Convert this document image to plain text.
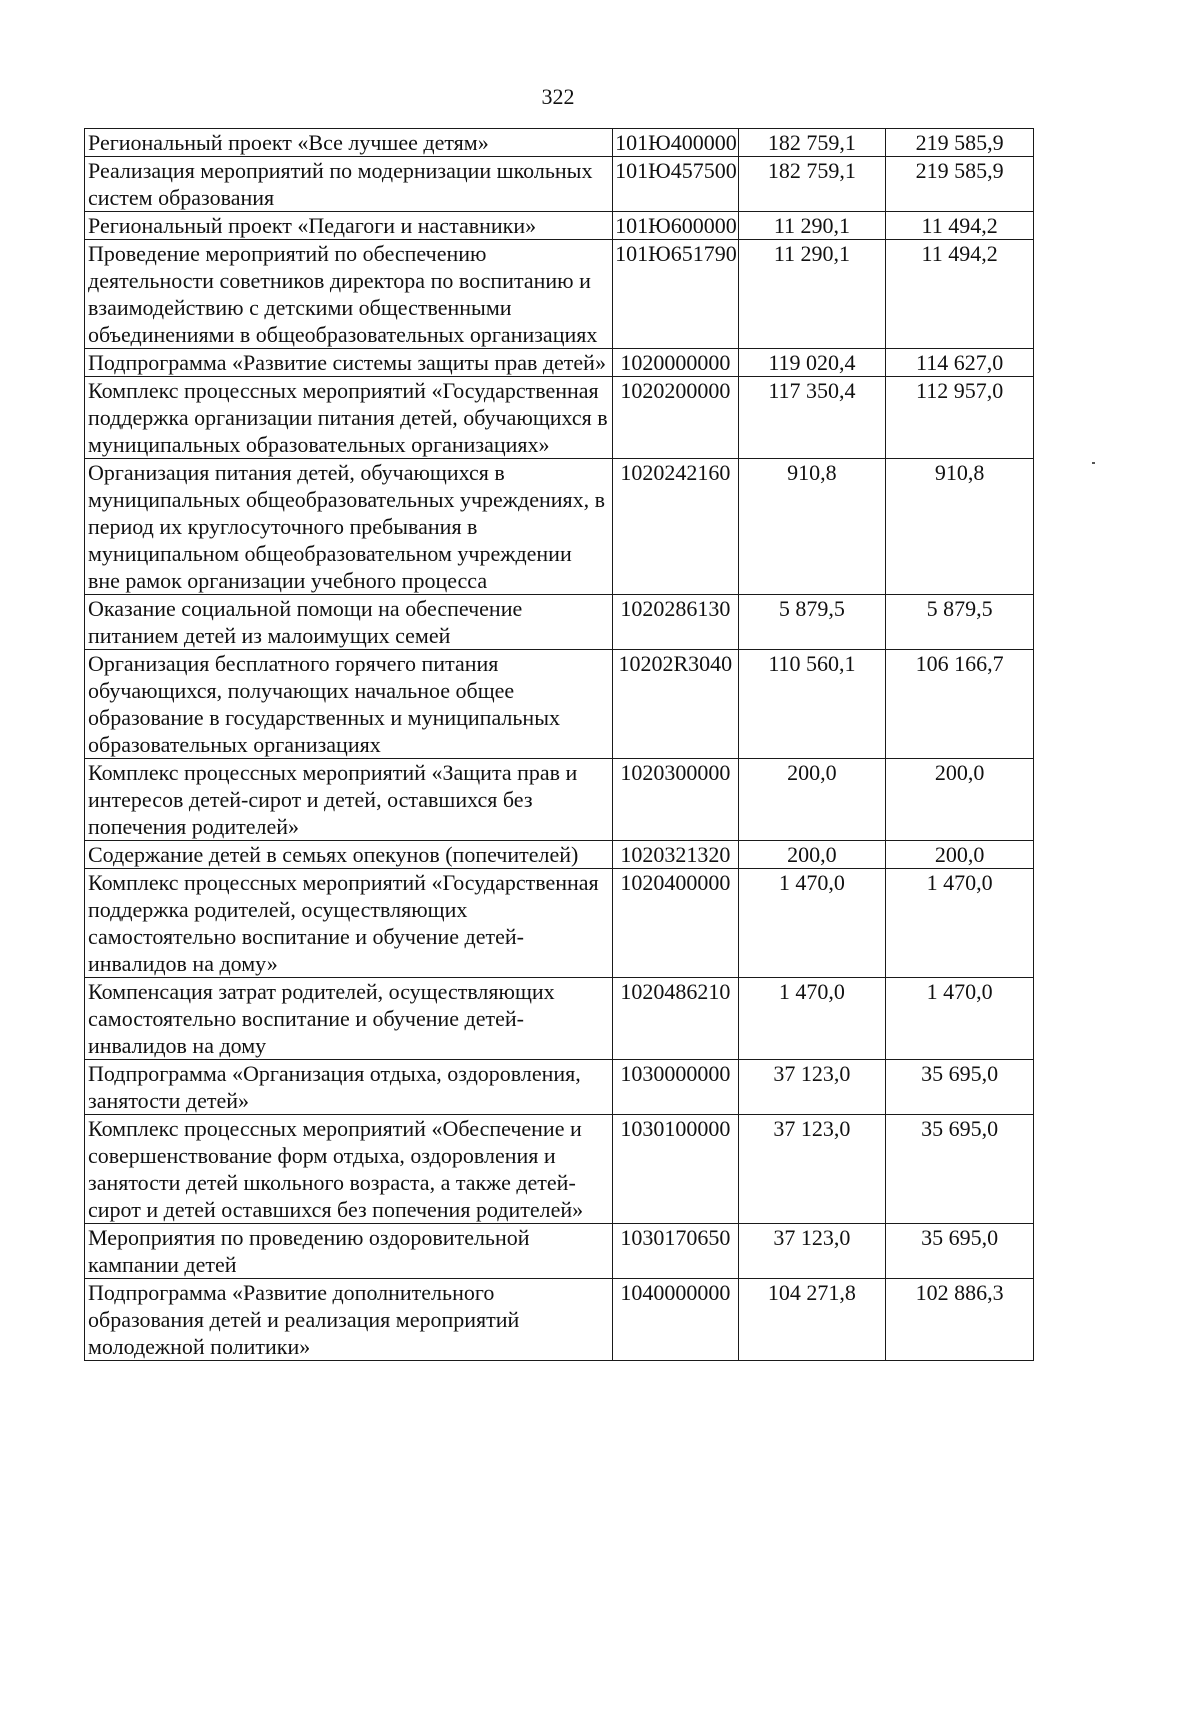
322
Региональный проект «Все лучшее детям»	101Ю400000	182 759,1	219 585,9
Реализация мероприятий по модернизации школьных систем образования	101Ю457500	182 759,1	219 585,9
Региональный проект «Педагоги и наставники»	101Ю600000	11 290,1	11 494,2
Проведение мероприятий по обеспечению деятельности советников директора по воспитанию и взаимодействию с детскими общественными объединениями в общеобразовательных организациях	101Ю651790	11 290,1	11 494,2
Подпрограмма «Развитие системы защиты прав детей»	1020000000	119 020,4	114 627,0
Комплекс процессных мероприятий «Государственная поддержка организации питания детей, обучающихся в муниципальных образовательных организациях»	1020200000	117 350,4	112 957,0
Организация питания детей, обучающихся в муниципальных общеобразовательных учреждениях, в период их круглосуточного пребывания в муниципальном общеобразовательном учреждении вне рамок организации учебного процесса	1020242160	910,8	910,8
Оказание социальной помощи на обеспечение питанием детей из малоимущих семей	1020286130	5 879,5	5 879,5
Организация бесплатного горячего питания обучающихся, получающих начальное общее образование в государственных и муниципальных образовательных организациях	10202R3040	110 560,1	106 166,7
Комплекс процессных мероприятий «Защита прав и интересов детей-сирот и детей, оставшихся без попечения родителей»	1020300000	200,0	200,0
Содержание детей в семьях опекунов (попечителей)	1020321320	200,0	200,0
Комплекс процессных мероприятий «Государственная поддержка родителей, осуществляющих самостоятельно воспитание и обучение детей-инвалидов на дому»	1020400000	1 470,0	1 470,0
Компенсация затрат родителей, осуществляющих самостоятельно воспитание и обучение детей-инвалидов на дому	1020486210	1 470,0	1 470,0
Подпрограмма «Организация отдыха, оздоровления, занятости детей»	1030000000	37 123,0	35 695,0
Комплекс процессных мероприятий «Обеспечение и совершенствование форм отдыха, оздоровления и занятости детей школьного возраста, а также детей-сирот и детей оставшихся без попечения родителей»	1030100000	37 123,0	35 695,0
Мероприятия по проведению оздоровительной кампании детей	1030170650	37 123,0	35 695,0
Подпрограмма «Развитие дополнительного образования детей и реализация мероприятий молодежной политики»	1040000000	104 271,8	102 886,3
